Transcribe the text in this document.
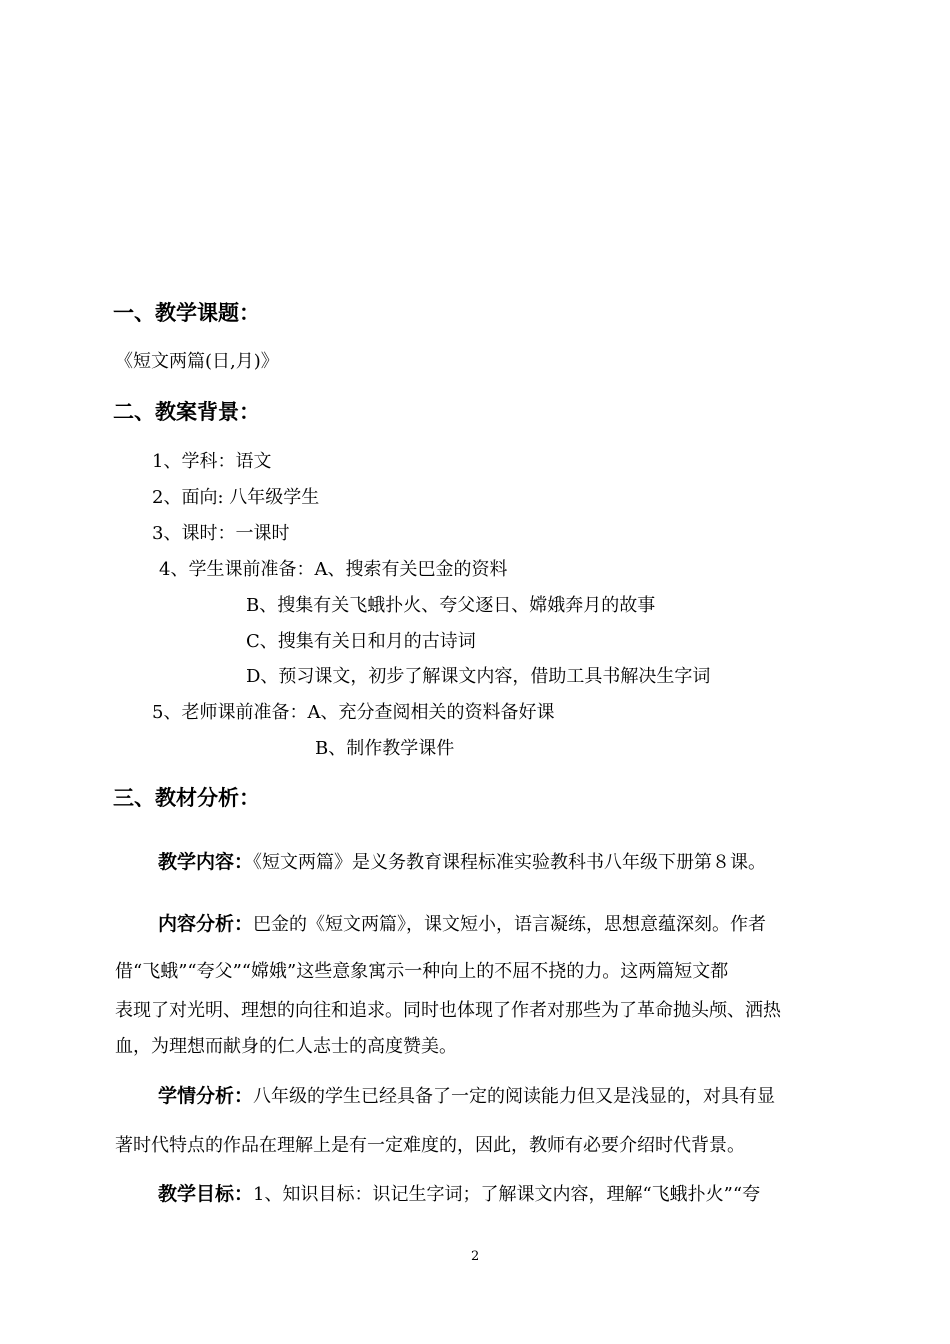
一、教学课题：
《短文两篇(日,月)》
二、教案背景：
1、学科：语文
2、面向: 八年级学生
3、课时：一课时
4、学生课前准备：A、搜索有关巴金的资料
B、搜集有关飞蛾扑火、夸父逐日、嫦娥奔月的故事
C、搜集有关日和月的古诗词
D、预习课文，初步了解课文内容，借助工具书解决生字词
5、老师课前准备：A、充分查阅相关的资料备好课
B、制作教学课件
三、教材分析：
教学内容：《短文两篇》是义务教育课程标准实验教科书八年级下册第８课。
内容分析：巴金的《短文两篇》，课文短小，语言凝练，思想意蕴深刻。作者
借“飞蛾”“夸父”“嫦娥”这些意象寓示一种向上的不屈不挠的力。这两篇短文都
表现了对光明、理想的向往和追求。同时也体现了作者对那些为了革命抛头颅、洒热
血，为理想而献身的仁人志士的高度赞美。
学情分析：八年级的学生已经具备了一定的阅读能力但又是浅显的，对具有显
著时代特点的作品在理解上是有一定难度的，因此，教师有必要介绍时代背景。
教学目标：1、知识目标：识记生字词；了解课文内容，理解“飞蛾扑火”“夸
2
